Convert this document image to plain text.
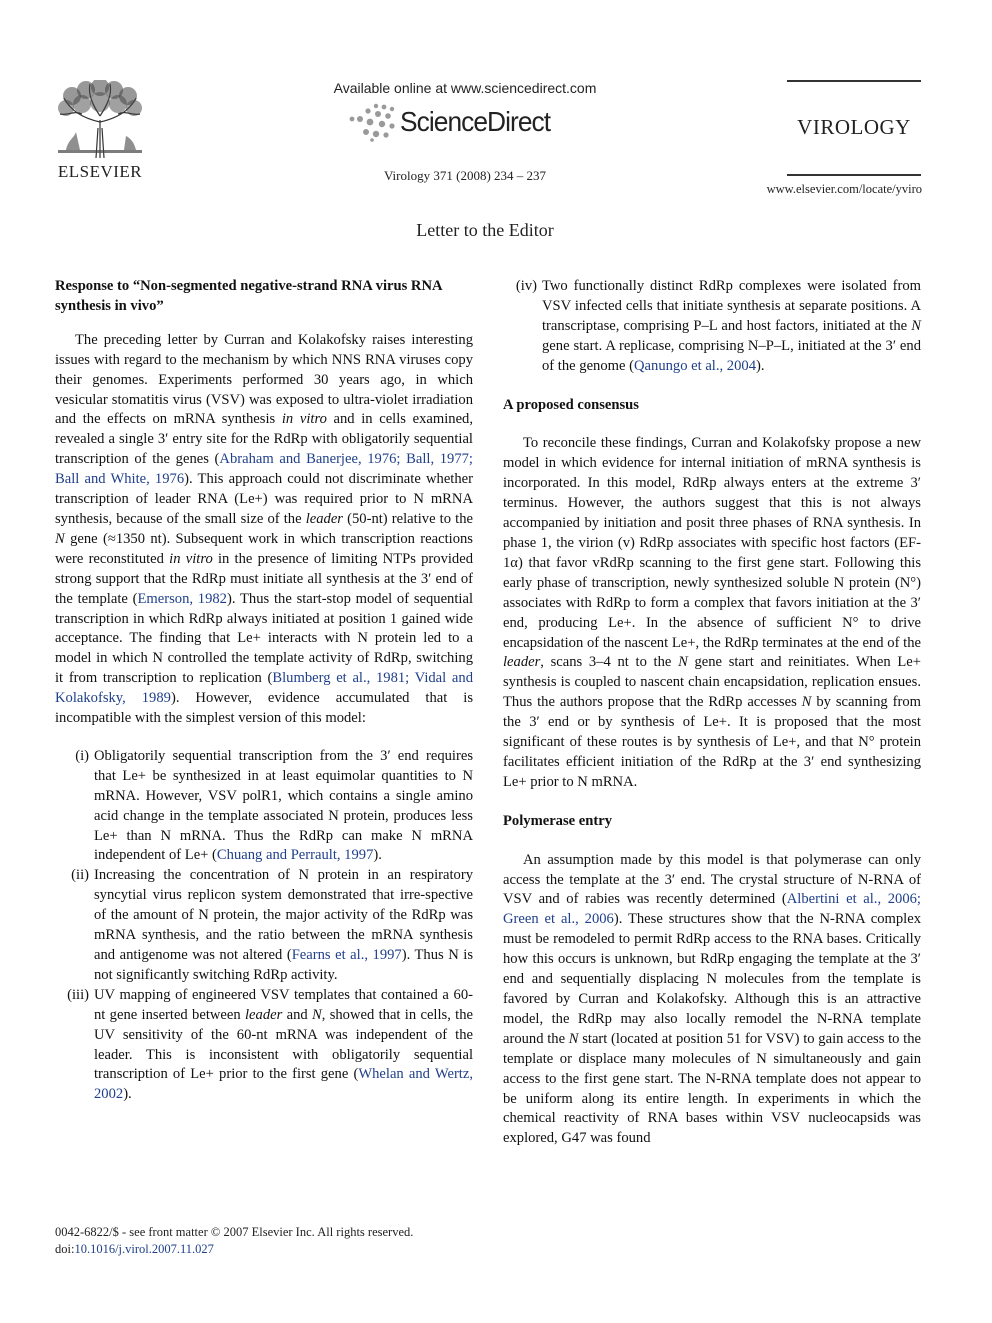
ELSEVIER
Available online at www.sciencedirect.com
ScienceDirect
Virology 371 (2008) 234 – 237
VIROLOGY
www.elsevier.com/locate/yviro
Letter to the Editor
Response to “Non-segmented negative-strand RNA virus RNA synthesis in vivo”

The preceding letter by Curran and Kolakofsky raises interesting issues with regard to the mechanism by which NNS RNA viruses copy their genomes. Experiments performed 30 years ago, in which vesicular stomatitis virus (VSV) was exposed to ultra-violet irradiation and the effects on mRNA synthesis in vitro and in cells examined, revealed a single 3′ entry site for the RdRp with obligatorily sequential transcription of the genes (Abraham and Banerjee, 1976; Ball, 1977; Ball and White, 1976). This approach could not discriminate whether transcription of leader RNA (Le+) was required prior to N mRNA synthesis, because of the small size of the leader (50-nt) relative to the N gene (≈1350 nt). Subsequent work in which transcription reactions were reconstituted in vitro in the presence of limiting NTPs provided strong support that the RdRp must initiate all synthesis at the 3′ end of the template (Emerson, 1982). Thus the start-stop model of sequential transcription in which RdRp always initiated at position 1 gained wide acceptance. The finding that Le+ interacts with N protein led to a model in which N controlled the template activity of RdRp, switching it from transcription to replication (Blumberg et al., 1981; Vidal and Kolakofsky, 1989). However, evidence accumulated that is incompatible with the simplest version of this model:

(i) Obligatorily sequential transcription from the 3′ end requires that Le+ be synthesized in at least equimolar quantities to N mRNA. However, VSV polR1, which contains a single amino acid change in the template associated N protein, produces less Le+ than N mRNA. Thus the RdRp can make N mRNA independent of Le+ (Chuang and Perrault, 1997).
(ii) Increasing the concentration of N protein in an respiratory syncytial virus replicon system demonstrated that irre-spective of the amount of N protein, the major activity of the RdRp was mRNA synthesis, and the ratio between the mRNA synthesis and antigenome was not altered (Fearns et al., 1997). Thus N is not significantly switching RdRp activity.
(iii) UV mapping of engineered VSV templates that contained a 60-nt gene inserted between leader and N, showed that in cells, the UV sensitivity of the 60-nt mRNA was independent of the leader. This is inconsistent with obligatorily sequential transcription of Le+ prior to the first gene (Whelan and Wertz, 2002).
(iv) Two functionally distinct RdRp complexes were isolated from VSV infected cells that initiate synthesis at separate positions. A transcriptase, comprising P–L and host factors, initiated at the N gene start. A replicase, comprising N–P–L, initiated at the 3′ end of the genome (Qanungo et al., 2004).
A proposed consensus

To reconcile these findings, Curran and Kolakofsky propose a new model in which evidence for internal initiation of mRNA synthesis is incorporated. In this model, RdRp always enters at the extreme 3′ terminus. However, the authors suggest that this is not always accompanied by initiation and posit three phases of RNA synthesis. In phase 1, the virion (v) RdRp associates with specific host factors (EF-1α) that favor vRdRp scanning to the first gene start. Following this early phase of transcription, newly synthesized soluble N protein (N°) associates with RdRp to form a complex that favors initiation at the 3′ end, producing Le+. In the absence of sufficient N° to drive encapsidation of the nascent Le+, the RdRp terminates at the end of the leader, scans 3–4 nt to the N gene start and reinitiates. When Le+ synthesis is coupled to nascent chain encapsidation, replication ensues. Thus the authors propose that the RdRp accesses N by scanning from the 3′ end or by synthesis of Le+. It is proposed that the most significant of these routes is by synthesis of Le+, and that N° protein facilitates efficient initiation of the RdRp at the 3′ end synthesizing Le+ prior to N mRNA.

Polymerase entry

An assumption made by this model is that polymerase can only access the template at the 3′ end. The crystal structure of N-RNA of VSV and of rabies was recently determined (Albertini et al., 2006; Green et al., 2006). These structures show that the N-RNA complex must be remodeled to permit RdRp access to the RNA bases. Critically how this occurs is unknown, but RdRp engaging the template at the 3′ end and sequentially displacing N molecules from the template is favored by Curran and Kolakofsky. Although this is an attractive model, the RdRp may also locally remodel the N-RNA template around the N start (located at position 51 for VSV) to gain access to the template or displace many molecules of N simultaneously and gain access to the first gene start. The N-RNA template does not appear to be uniform along its entire length. In experiments in which the chemical reactivity of RNA bases within VSV nucleocapsids was explored, G47 was found

0042-6822/$ - see front matter © 2007 Elsevier Inc. All rights reserved.
doi:10.1016/j.virol.2007.11.027
